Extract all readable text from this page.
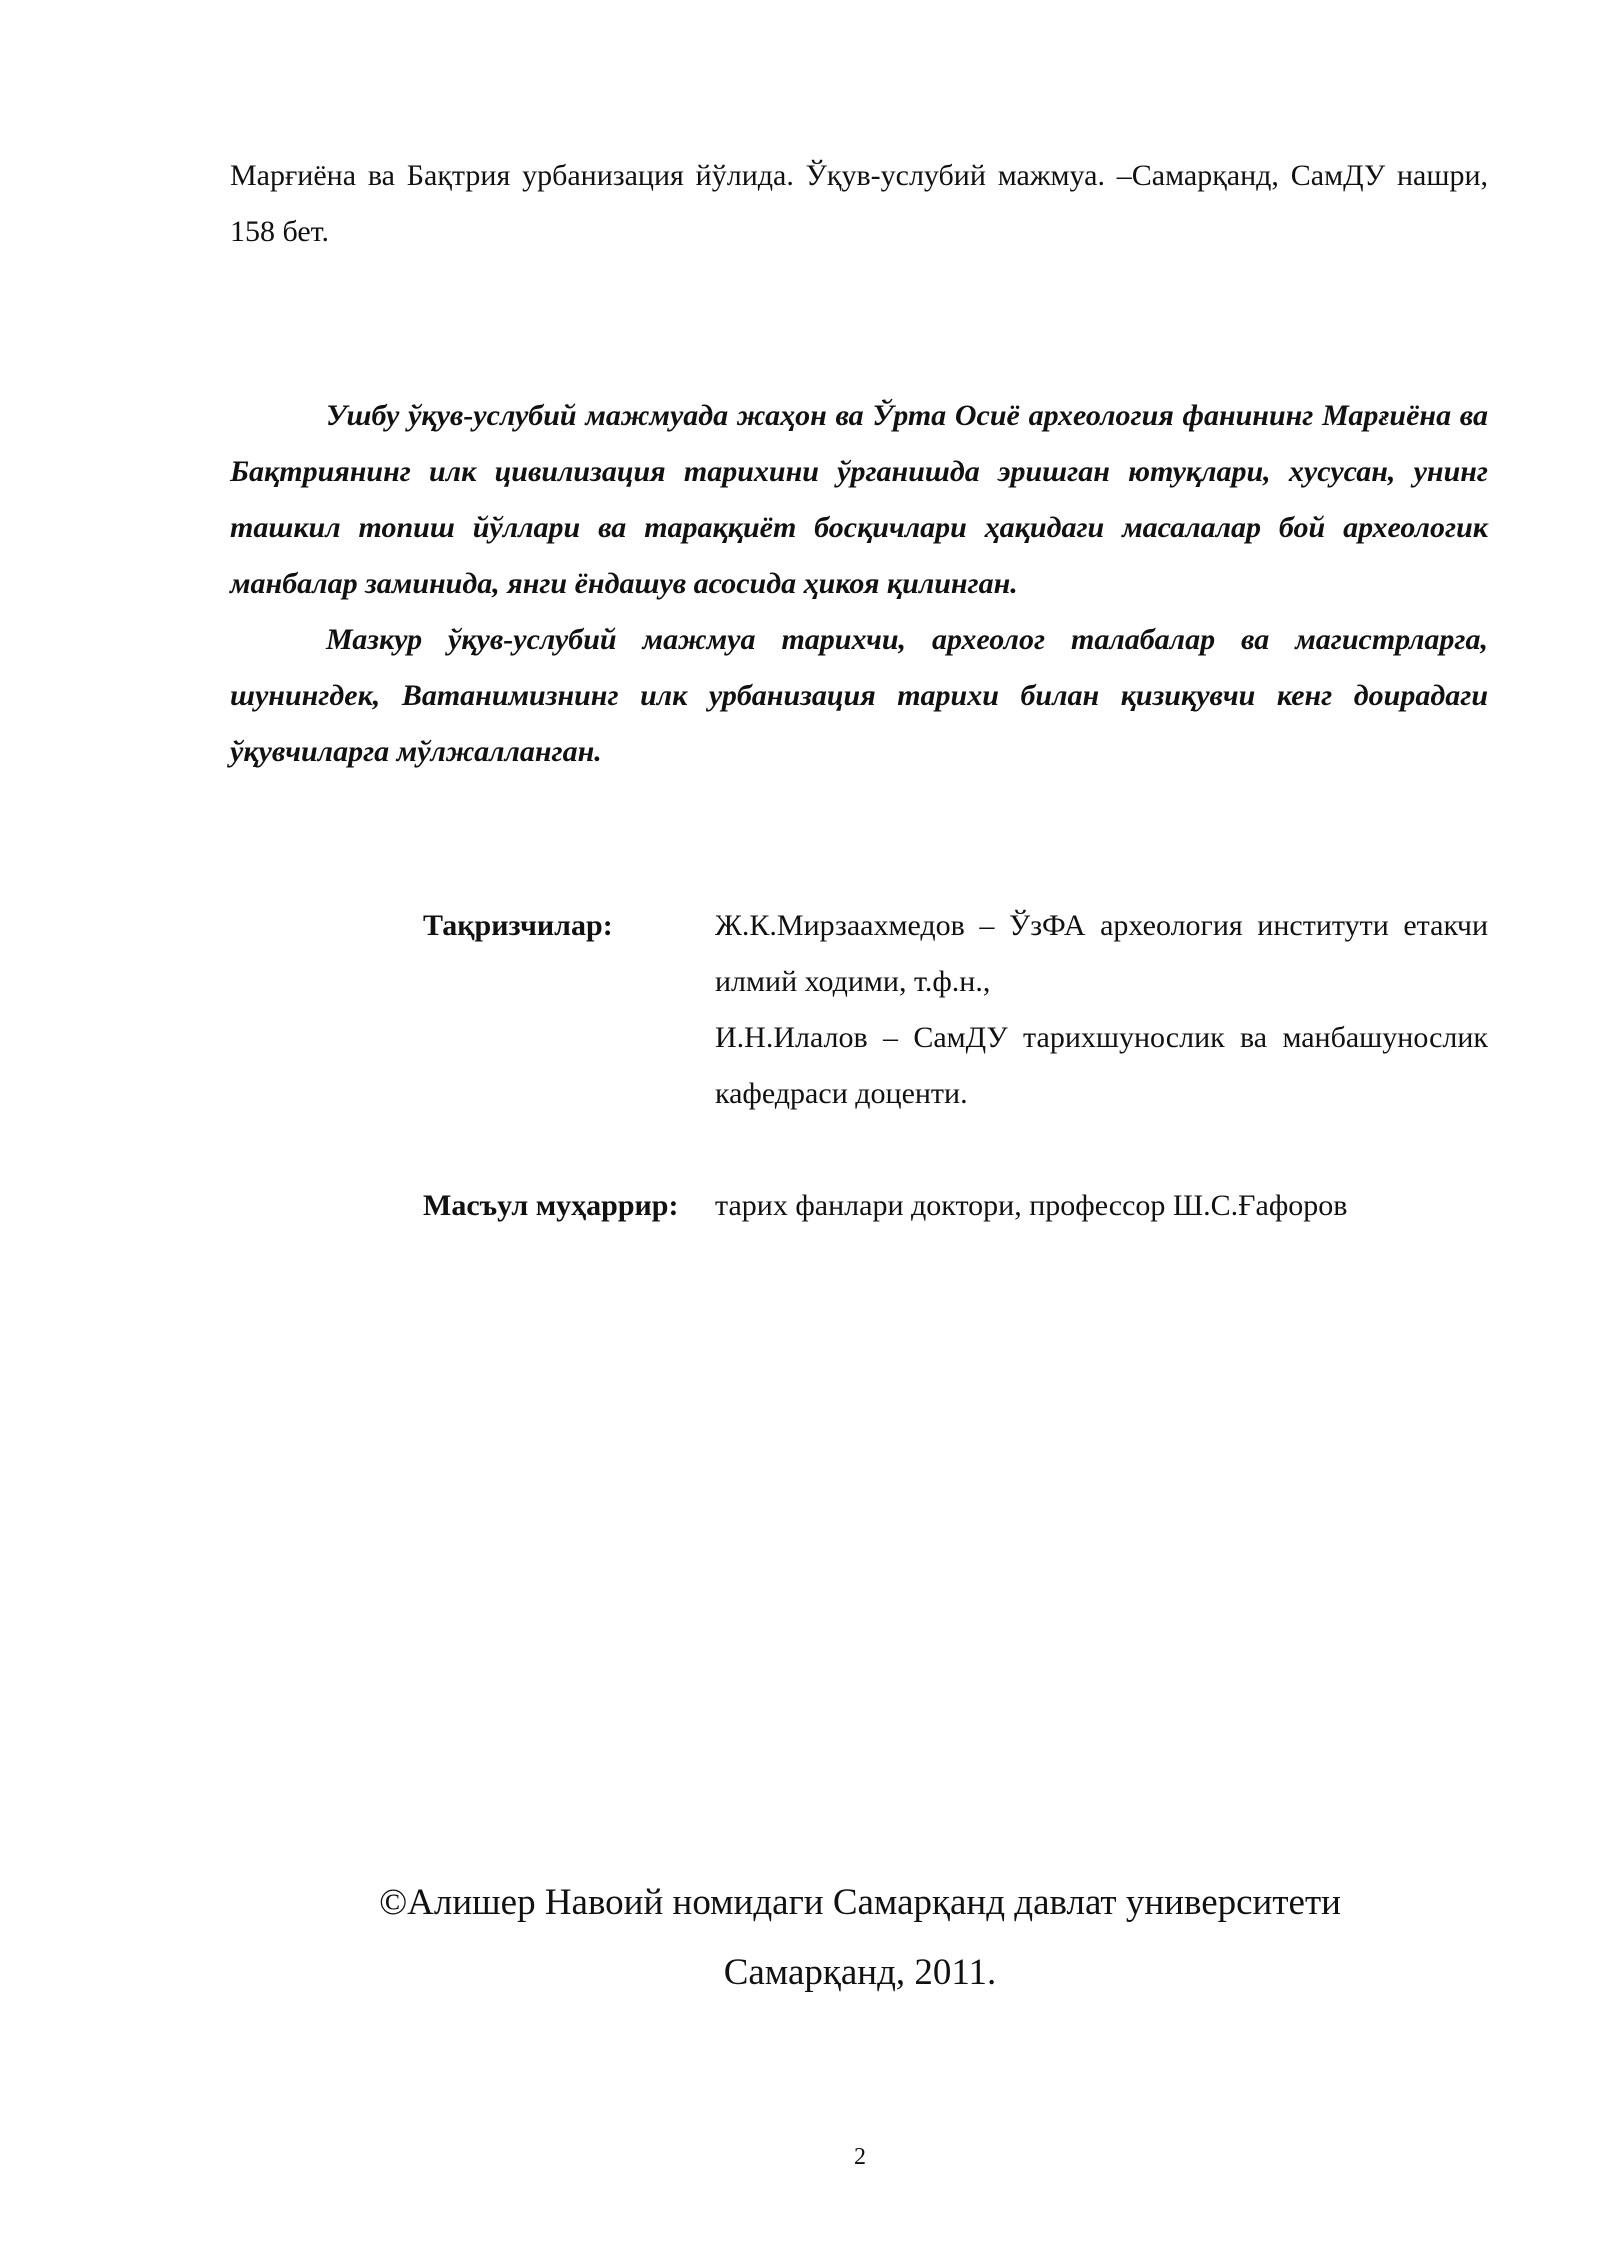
Марғиёна ва Бақтрия урбанизация йўлида. Ўқув-услубий мажмуа. –Самарқанд, СамДУ нашри, 158 бет.

Ушбу ўқув-услубий мажмуада жаҳон ва Ўрта Осиё археология фанининг Марғиёна ва Бақтриянинг илк цивилизация тарихини ўрганишда эришган ютуқлари, хусусан, унинг ташкил топиш йўллари ва тараққиёт босқичлари ҳақидаги масалалар бой археологик манбалар заминида, янги ёндашув асосида ҳикоя қилинган.

Мазкур ўқув-услубий мажмуа тарихчи, археолог талабалар ва магистрларга, шунингдек, Ватанимизнинг илк урбанизация тарихи билан қизиқувчи кенг доирадаги ўқувчиларга мўлжалланган.

Тақризчилар:	Ж.К.Мирзаахмедов – ЎзФА археология институти етакчи илмий ходими, т.ф.н.,

И.Н.Илалов – СамДУ тарихшунослик ва манбашунослик кафедраси доценти.

Масъул муҳаррир: тарих фанлари доктори, профессор Ш.С.Ғафоров

©Алишер Навоий номидаги Самарқанд давлат университети

Самарқанд, 2011.

2
